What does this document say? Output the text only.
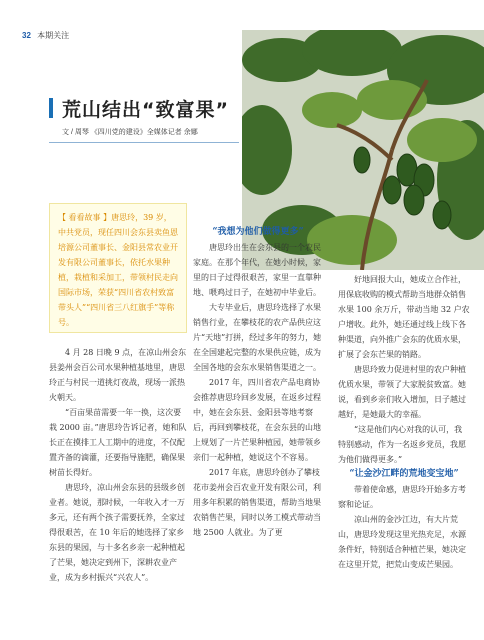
32 本期关注
荒山结出“致富果”
文 / 周琴 《四川党的建设》全媒体记者 余娜
【 看看故事 】唐思玲，39 岁，中共党员，现任四川会东县卖鱼恩培源公司董事长、金阳县常农业开发有限公司董事长，依托水果种植，栽植和采加工，带领村民走向国际市场，荣获“四川省农村致富带头人”“四川省三八红旗手”等称号。

4 月 28 日晚 9 点，在凉山州会东县姜州会百公司水果种植基地里，唐思玲正与村民一道挑灯夜战，现场一派热火朝天。

“百亩果苗需要一年一换，这次要栽 2000 亩。”唐思玲告诉记者，她和队长正在摸排工人工期中的进度，不仅配置齐备的滴灌，还要指导施肥，确保果树苗长得好。

唐思玲，凉山州会东县的县级乡创业者。她说，那时候，一年收入才一万多元，还有两个孩子需要抚养，全家过得很艰苦，在 10 年后的她选择了家乡东县的果园，与十多名乡亲一起种植起了芒果，她决定到州下，深耕农业产业，成为乡村振兴“兴农人”。

“我想为他们做得更多”

唐思玲出生在会东县的一个农民家庭。在那个年代，在她小时候，家里的日子过得很艰苦，家里一直靠种地、喂鸡过日子，在她初中毕业后。

大专毕业后，唐思玲选择了水果销售行业，在攀枝花的农产品供应这片“天地”打拼，经过多年的努力，她在全国建起完整的水果供应链，成为全国各地的会东水果销售渠道之一。

2017 年，四川省农产品电商协会推荐唐思玲回乡发展，在返乡过程中，她在会东县、金阳县等地考察后，再回到攀枝花，在会东县的山地上规划了一片芒果种植园，她带领乡亲们一起种植，她说这个不容易。

2017 年底，唐思玲创办了攀枝花市姜州会百农业开发有限公司，利用多年积累的销售渠道，帮助当地果农销售芒果，同时以务工模式带动当地 2500 人就业。为了更

好地回报大山，她成立合作社，用保底收购的模式帮助当地群众销售水果 100 余万斤，带动当地 32 户农户增收。此外，她还通过线上线下各种渠道，向外推广会东的优质水果，扩展了会东芒果的销路。

唐思玲致力促进村里的农户种植优质水果，带领了大家脱贫致富。她说，看到乡亲们收入增加，日子越过越好，是她最大的幸福。

“这是他们内心对我的认可，我特别感动，作为一名返乡党员，我愿为他们做得更多。”

“让金沙江畔的荒地变宝地”

带着使命感，唐思玲开始多方考察和论证。

凉山州的金沙江边，有大片荒山，唐思玲发现这里光热充足，水源条件好，特别适合种植芒果，她决定在这里开荒，把荒山变成芒果园。
